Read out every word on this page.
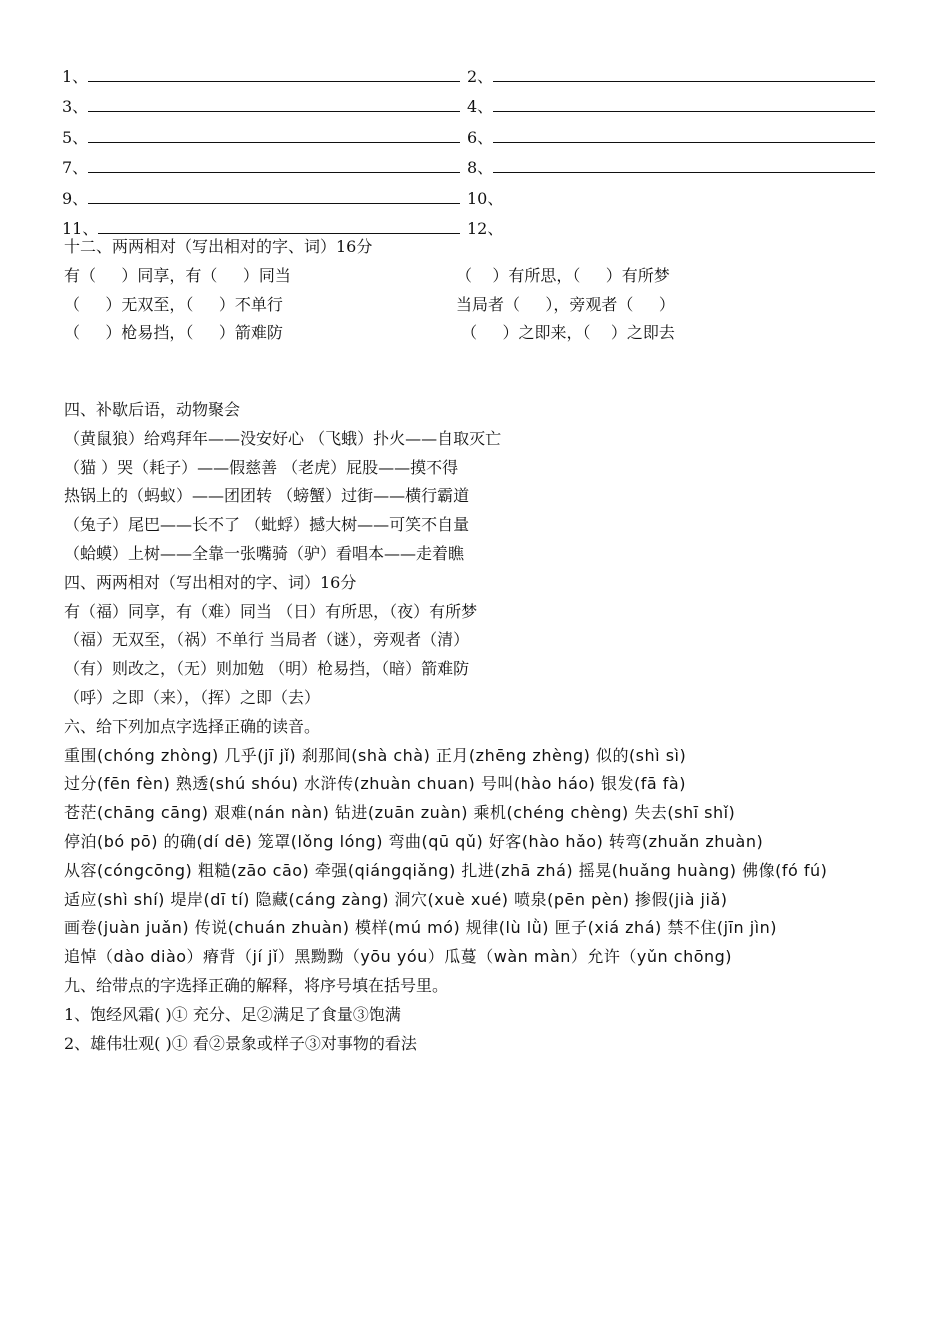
1、	2、
3、	4、
5、	6、
7、	8、
9、	10、
11、	12、
十二、两两相对（写出相对的字、词）16分
有（     ）同享，有（     ）同当	（    ）有所思，（     ）有所梦
（     ）无双至，（     ）不单行	当局者（     ），旁观者（     ）
（     ）枪易挡，（     ）箭难防	（     ）之即来，（    ）之即去
四、补歇后语，动物聚会
（黄鼠狼）给鸡拜年——没安好心 （飞蛾）扑火——自取灭亡
（猫 ）哭（耗子）——假慈善 （老虎）屁股——摸不得
热锅上的（蚂蚁）——团团转 （螃蟹）过街——横行霸道
（兔子）尾巴——长不了 （蚍蜉）撼大树——可笑不自量
（蛤蟆）上树——全靠一张嘴骑（驴）看唱本——走着瞧
四、两两相对（写出相对的字、词）16分
有（福）同享，有（难）同当 （日）有所思，（夜）有所梦
（福）无双至，（祸）不单行 当局者（谜），旁观者（清）
（有）则改之，（无）则加勉 （明）枪易挡，（暗）箭难防
（呼）之即（来），（挥）之即（去）
六、给下列加点字选择正确的读音。
重围(chóng zhòng) 几乎(jī jǐ) 刹那间(shà chà) 正月(zhēng zhèng) 似的(shì sì)
过分(fēn fèn) 熟透(shú shóu) 水浒传(zhuàn chuan) 号叫(hào háo) 银发(fā fà)
苍茫(chāng cāng) 艰难(nán nàn) 钻进(zuān zuàn) 乘机(chéng chèng) 失去(shī shǐ)
停泊(bó pō) 的确(dí dē) 笼罩(lǒng lóng) 弯曲(qū qǔ) 好客(hào hǎo) 转弯(zhuǎn zhuàn)
从容(cóngcōng) 粗糙(zāo cāo) 牵强(qiángqiǎng) 扎进(zhā zhá) 摇晃(huǎng huàng) 佛像(fó fú)
适应(shì shí) 堤岸(dī tí) 隐藏(cáng zàng) 洞穴(xuè xué) 喷泉(pēn pèn) 掺假(jià jiǎ)
画卷(juàn juǎn) 传说(chuán zhuàn) 模样(mú mó) 规律(lù lǜ) 匣子(xiá zhá) 禁不住(jīn jìn)
追悼（dào diào）瘠背（jí jǐ）黑黝黝（yōu yóu）瓜蔓（wàn màn）允许（yǔn chōng)
九、给带点的字选择正确的解释，将序号填在括号里。
1、饱经风霜( )① 充分、足②满足了食量③饱满
2、雄伟壮观( )① 看②景象或样子③对事物的看法
